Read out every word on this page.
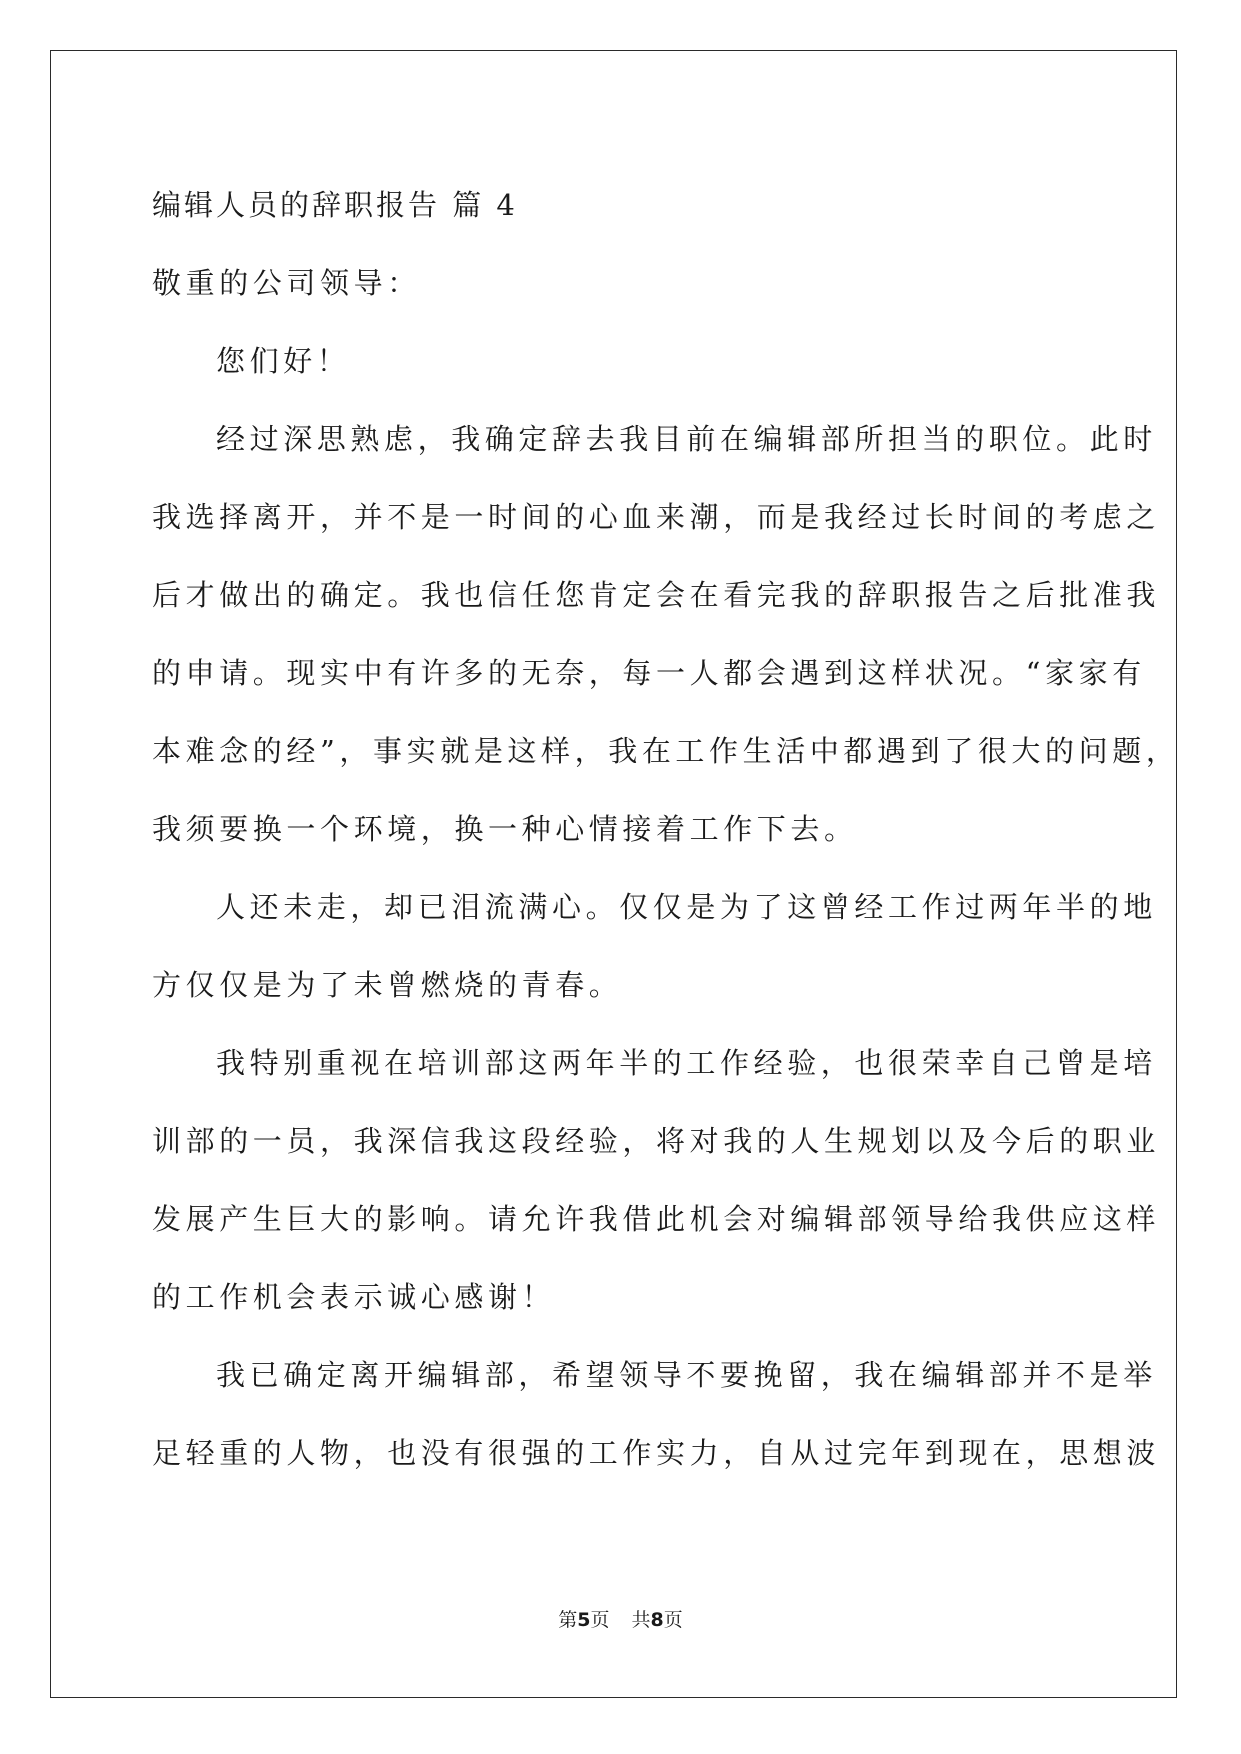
编辑人员的辞职报告 篇 4
敬重的公司领导：
您们好！
经过深思熟虑，我确定辞去我目前在编辑部所担当的职位。此时
我选择离开，并不是一时间的心血来潮，而是我经过长时间的考虑之
后才做出的确定。我也信任您肯定会在看完我的辞职报告之后批准我
的申请。现实中有许多的无奈，每一人都会遇到这样状况。“家家有
本难念的经”，事实就是这样，我在工作生活中都遇到了很大的问题，
我须要换一个环境，换一种心情接着工作下去。
人还未走，却已泪流满心。仅仅是为了这曾经工作过两年半的地
方仅仅是为了未曾燃烧的青春。
我特别重视在培训部这两年半的工作经验，也很荣幸自己曾是培
训部的一员，我深信我这段经验，将对我的人生规划以及今后的职业
发展产生巨大的影响。请允许我借此机会对编辑部领导给我供应这样
的工作机会表示诚心感谢！
我已确定离开编辑部，希望领导不要挽留，我在编辑部并不是举
足轻重的人物，也没有很强的工作实力，自从过完年到现在，思想波
第5页 共8页
